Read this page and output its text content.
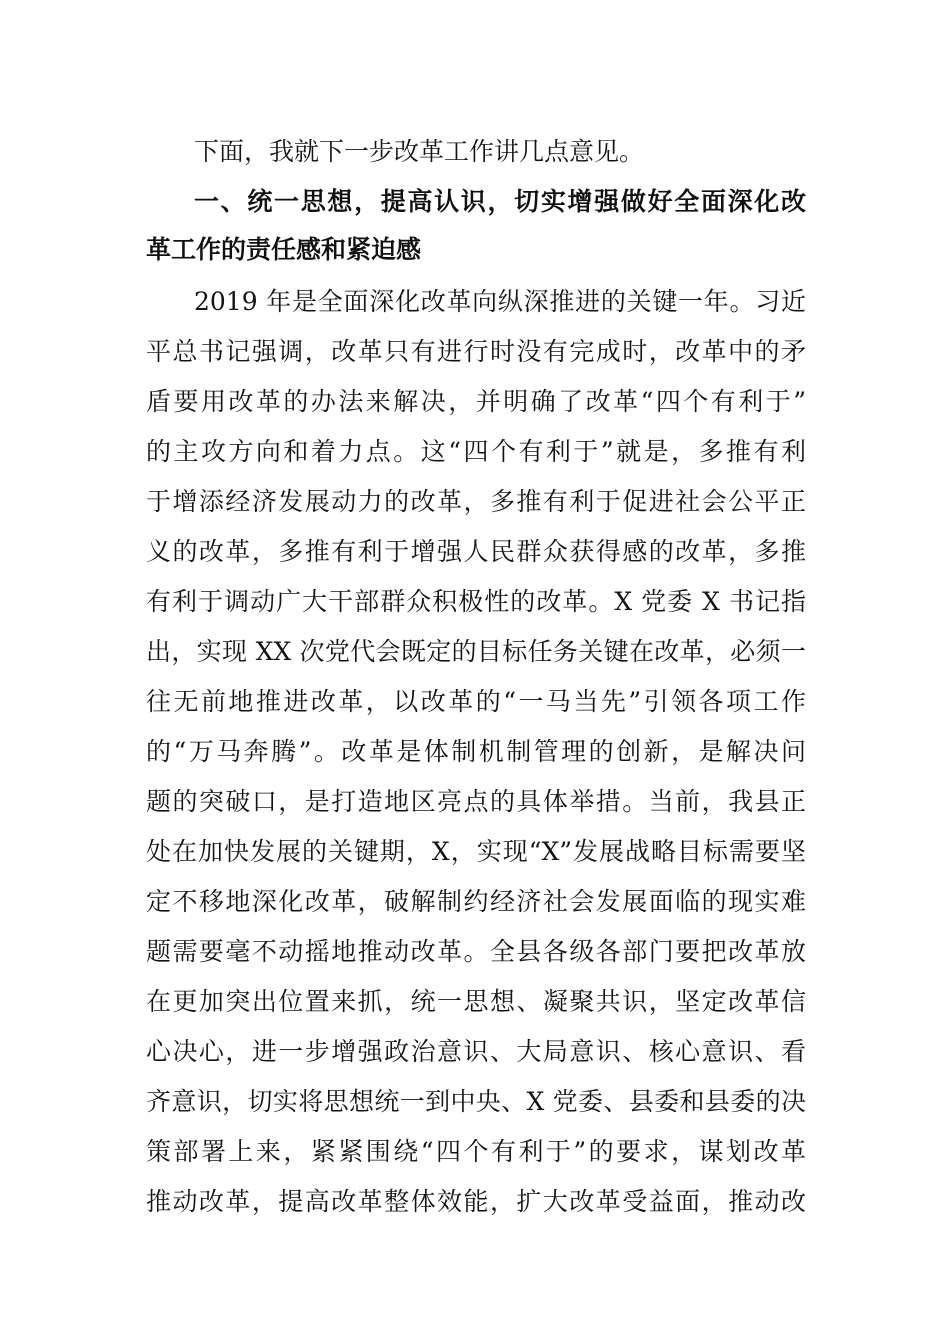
下面，我就下一步改革工作讲几点意见。
一、统一思想，提高认识，切实增强做好全面深化改
革工作的责任感和紧迫感
2019 年是全面深化改革向纵深推进的关键一年。习近
平总书记强调，改革只有进行时没有完成时，改革中的矛
盾要用改革的办法来解决，并明确了改革“四个有利于”
的主攻方向和着力点。这“四个有利于”就是，多推有利
于增添经济发展动力的改革，多推有利于促进社会公平正
义的改革，多推有利于增强人民群众获得感的改革，多推
有利于调动广大干部群众积极性的改革。X 党委 X 书记指
出，实现 XX 次党代会既定的目标任务关键在改革，必须一
往无前地推进改革，以改革的“一马当先”引领各项工作
的“万马奔腾”。改革是体制机制管理的创新，是解决问
题的突破口，是打造地区亮点的具体举措。当前，我县正
处在加快发展的关键期，X，实现“X”发展战略目标需要坚
定不移地深化改革，破解制约经济社会发展面临的现实难
题需要毫不动摇地推动改革。全县各级各部门要把改革放
在更加突出位置来抓，统一思想、凝聚共识，坚定改革信
心决心，进一步增强政治意识、大局意识、核心意识、看
齐意识，切实将思想统一到中央、X 党委、县委和县委的决
策部署上来，紧紧围绕“四个有利于”的要求，谋划改革
推动改革，提高改革整体效能，扩大改革受益面，推动改
